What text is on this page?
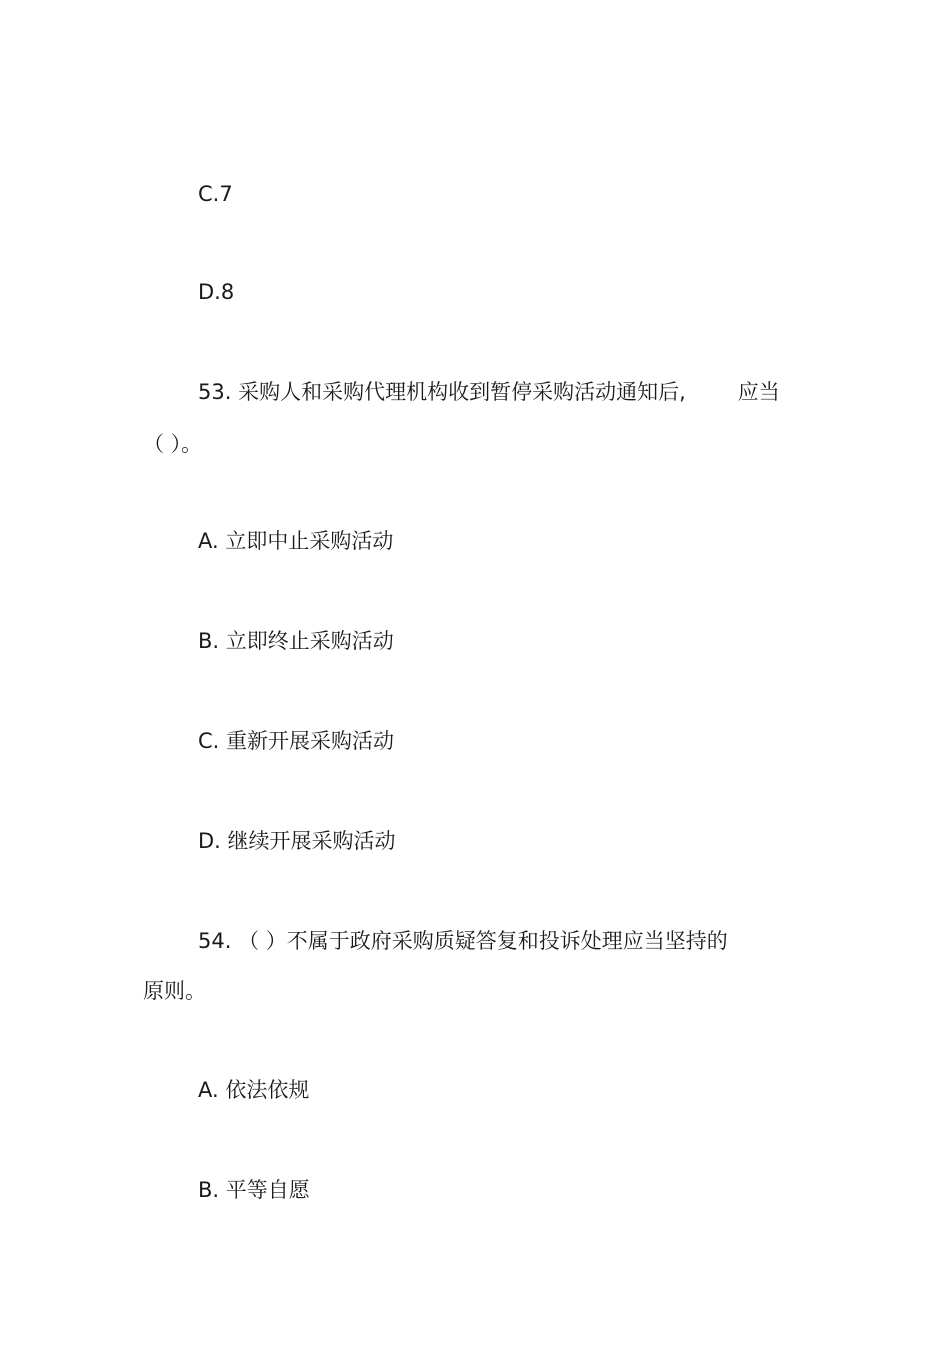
C.7
D.8
53. 采购人和采购代理机构收到暂停采购活动通知后, 应当
（ ）。
A. 立即中止采购活动
B. 立即终止采购活动
C. 重新开展采购活动
D. 继续开展采购活动
54. （ ）不属于政府采购质疑答复和投诉处理应当坚持的
原则。
A. 依法依规
B. 平等自愿
